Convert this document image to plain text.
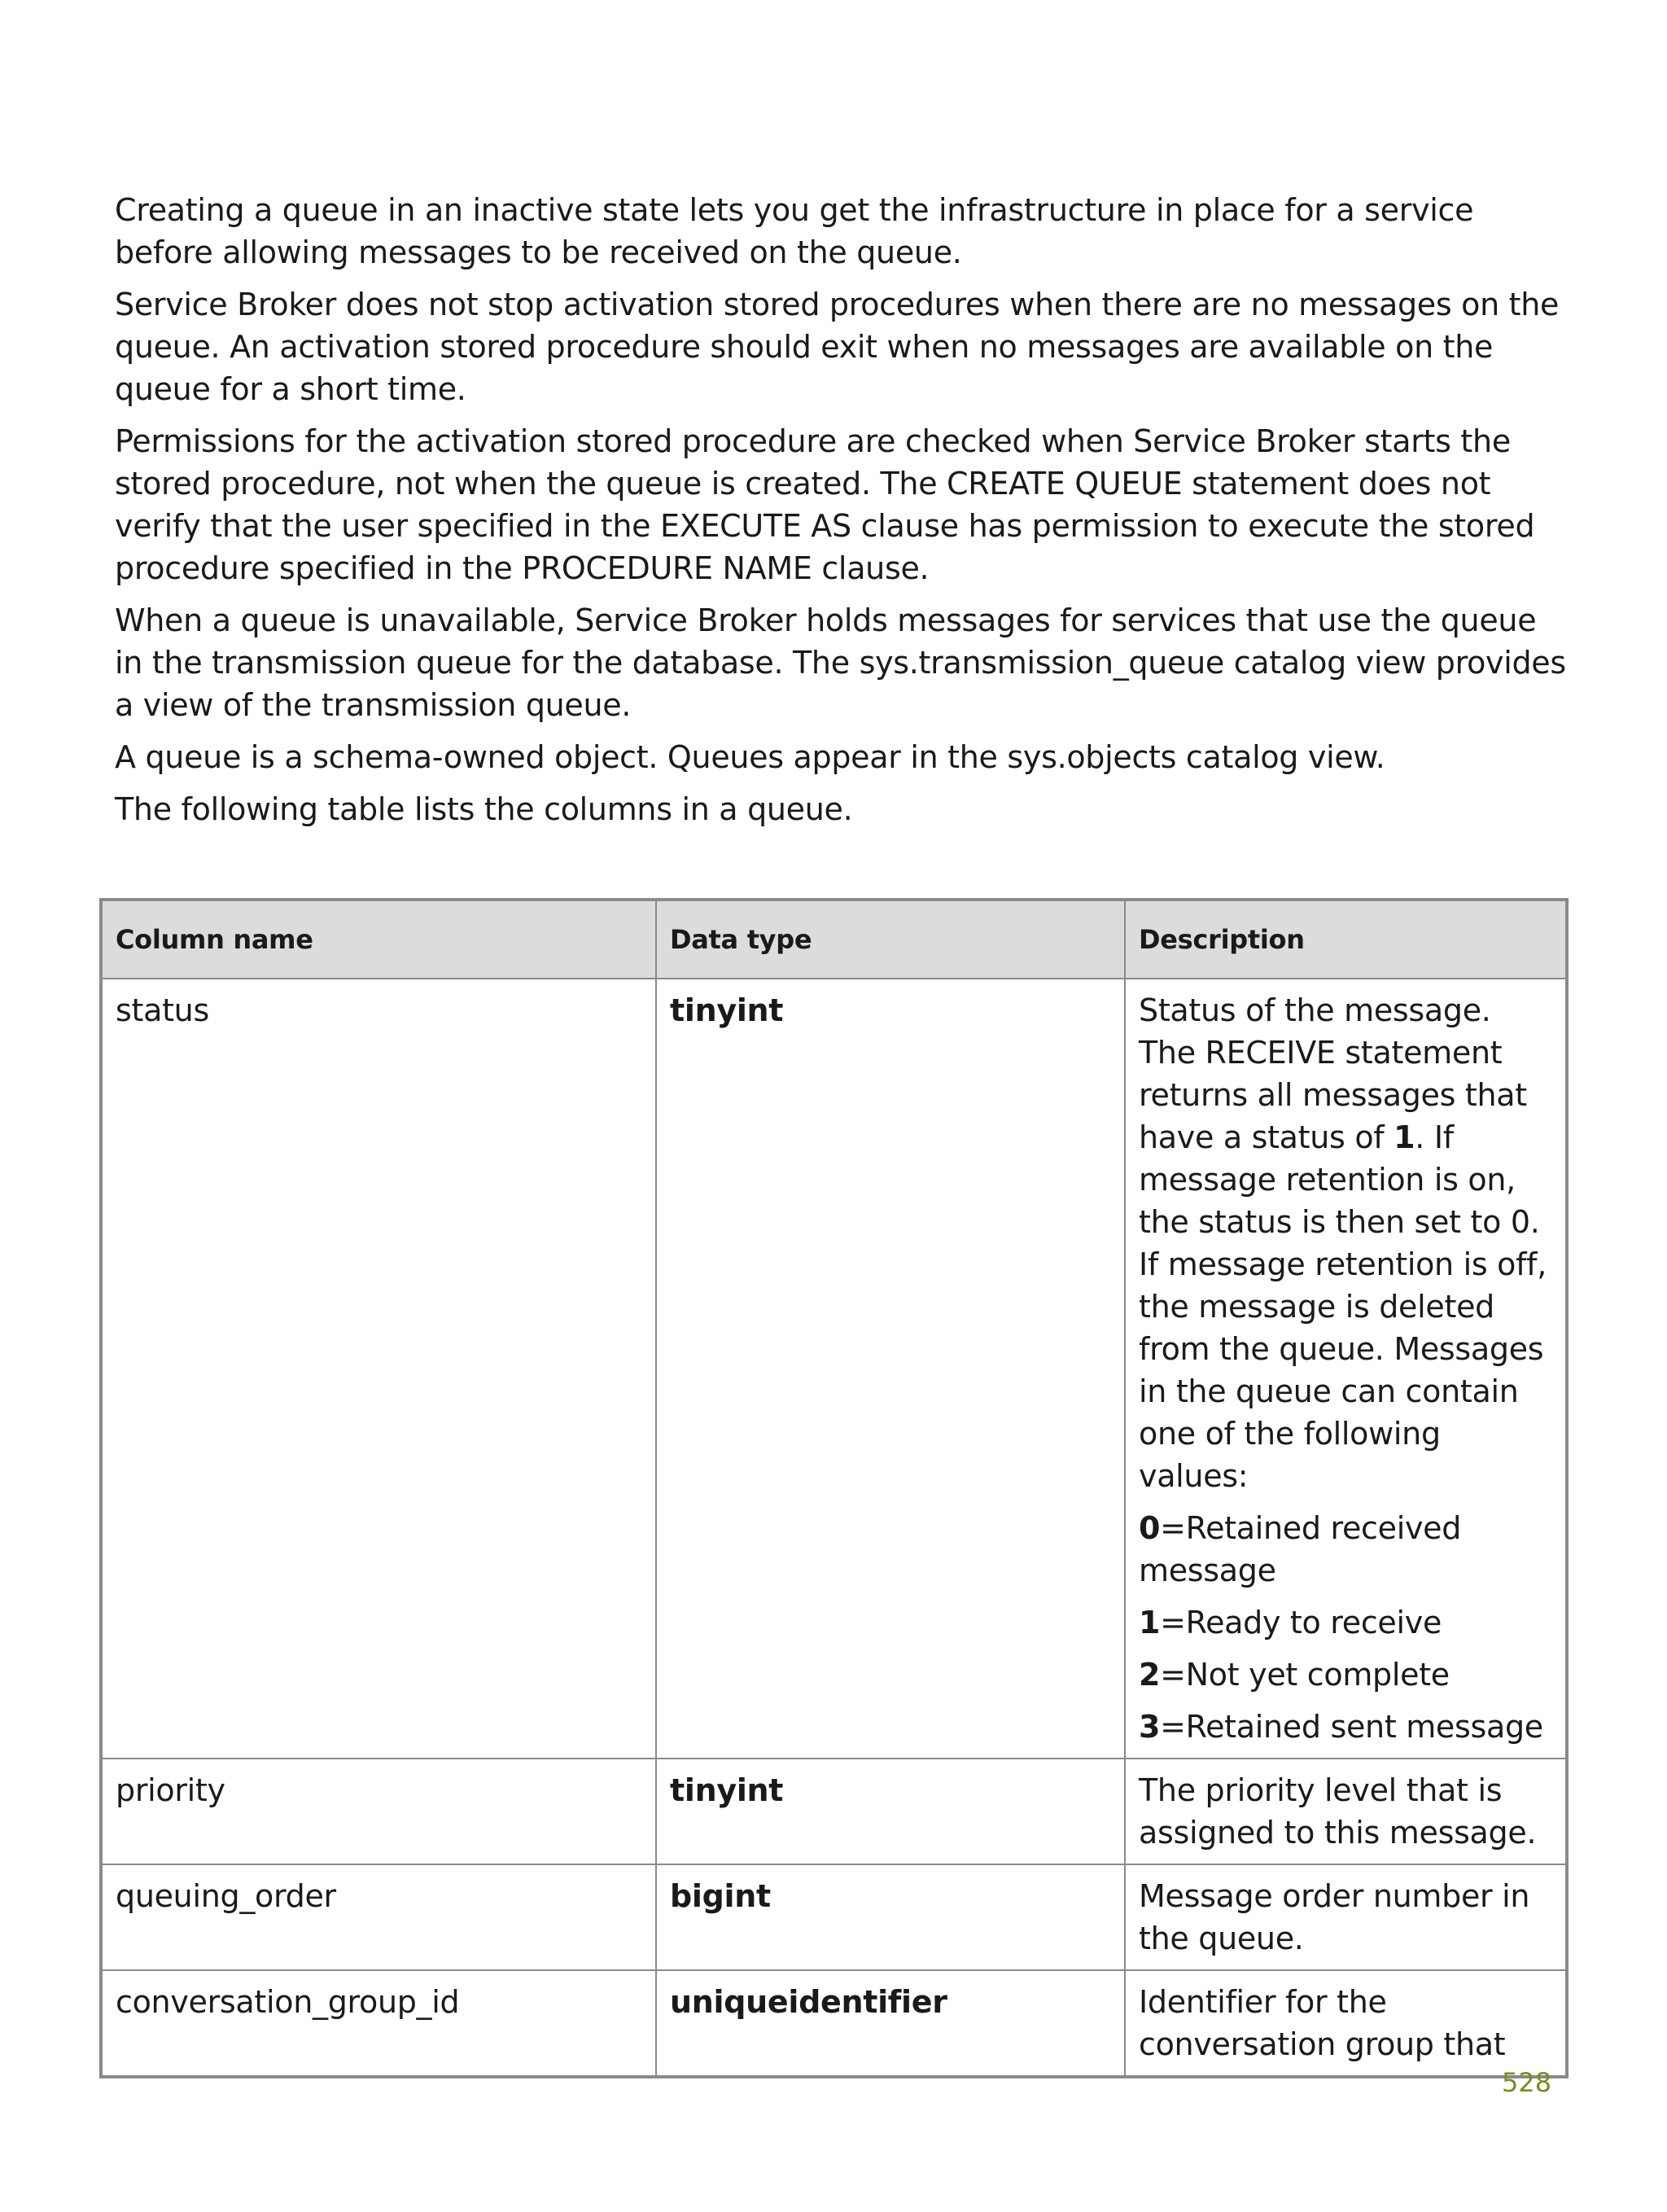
Creating a queue in an inactive state lets you get the infrastructure in place for a service before allowing messages to be received on the queue.

Service Broker does not stop activation stored procedures when there are no messages on the queue. An activation stored procedure should exit when no messages are available on the queue for a short time.

Permissions for the activation stored procedure are checked when Service Broker starts the stored procedure, not when the queue is created. The CREATE QUEUE statement does not verify that the user specified in the EXECUTE AS clause has permission to execute the stored procedure specified in the PROCEDURE NAME clause.

When a queue is unavailable, Service Broker holds messages for services that use the queue in the transmission queue for the database. The sys.transmission_queue catalog view provides a view of the transmission queue.

A queue is a schema-owned object. Queues appear in the sys.objects catalog view.

The following table lists the columns in a queue.

Column name	Data type	Description
status	tinyint	Status of the message. The RECEIVE statement returns all messages that have a status of 1. If message retention is on, the status is then set to 0. If message retention is off, the message is deleted from the queue. Messages in the queue can contain one of the following values:
0=Retained received message
1=Ready to receive
2=Not yet complete
3=Retained sent message

priority	tinyint	The priority level that is assigned to this message.
queuing_order	bigint	Message order number in the queue.
conversation_group_id	uniqueidentifier	Identifier for the conversation group that
528
